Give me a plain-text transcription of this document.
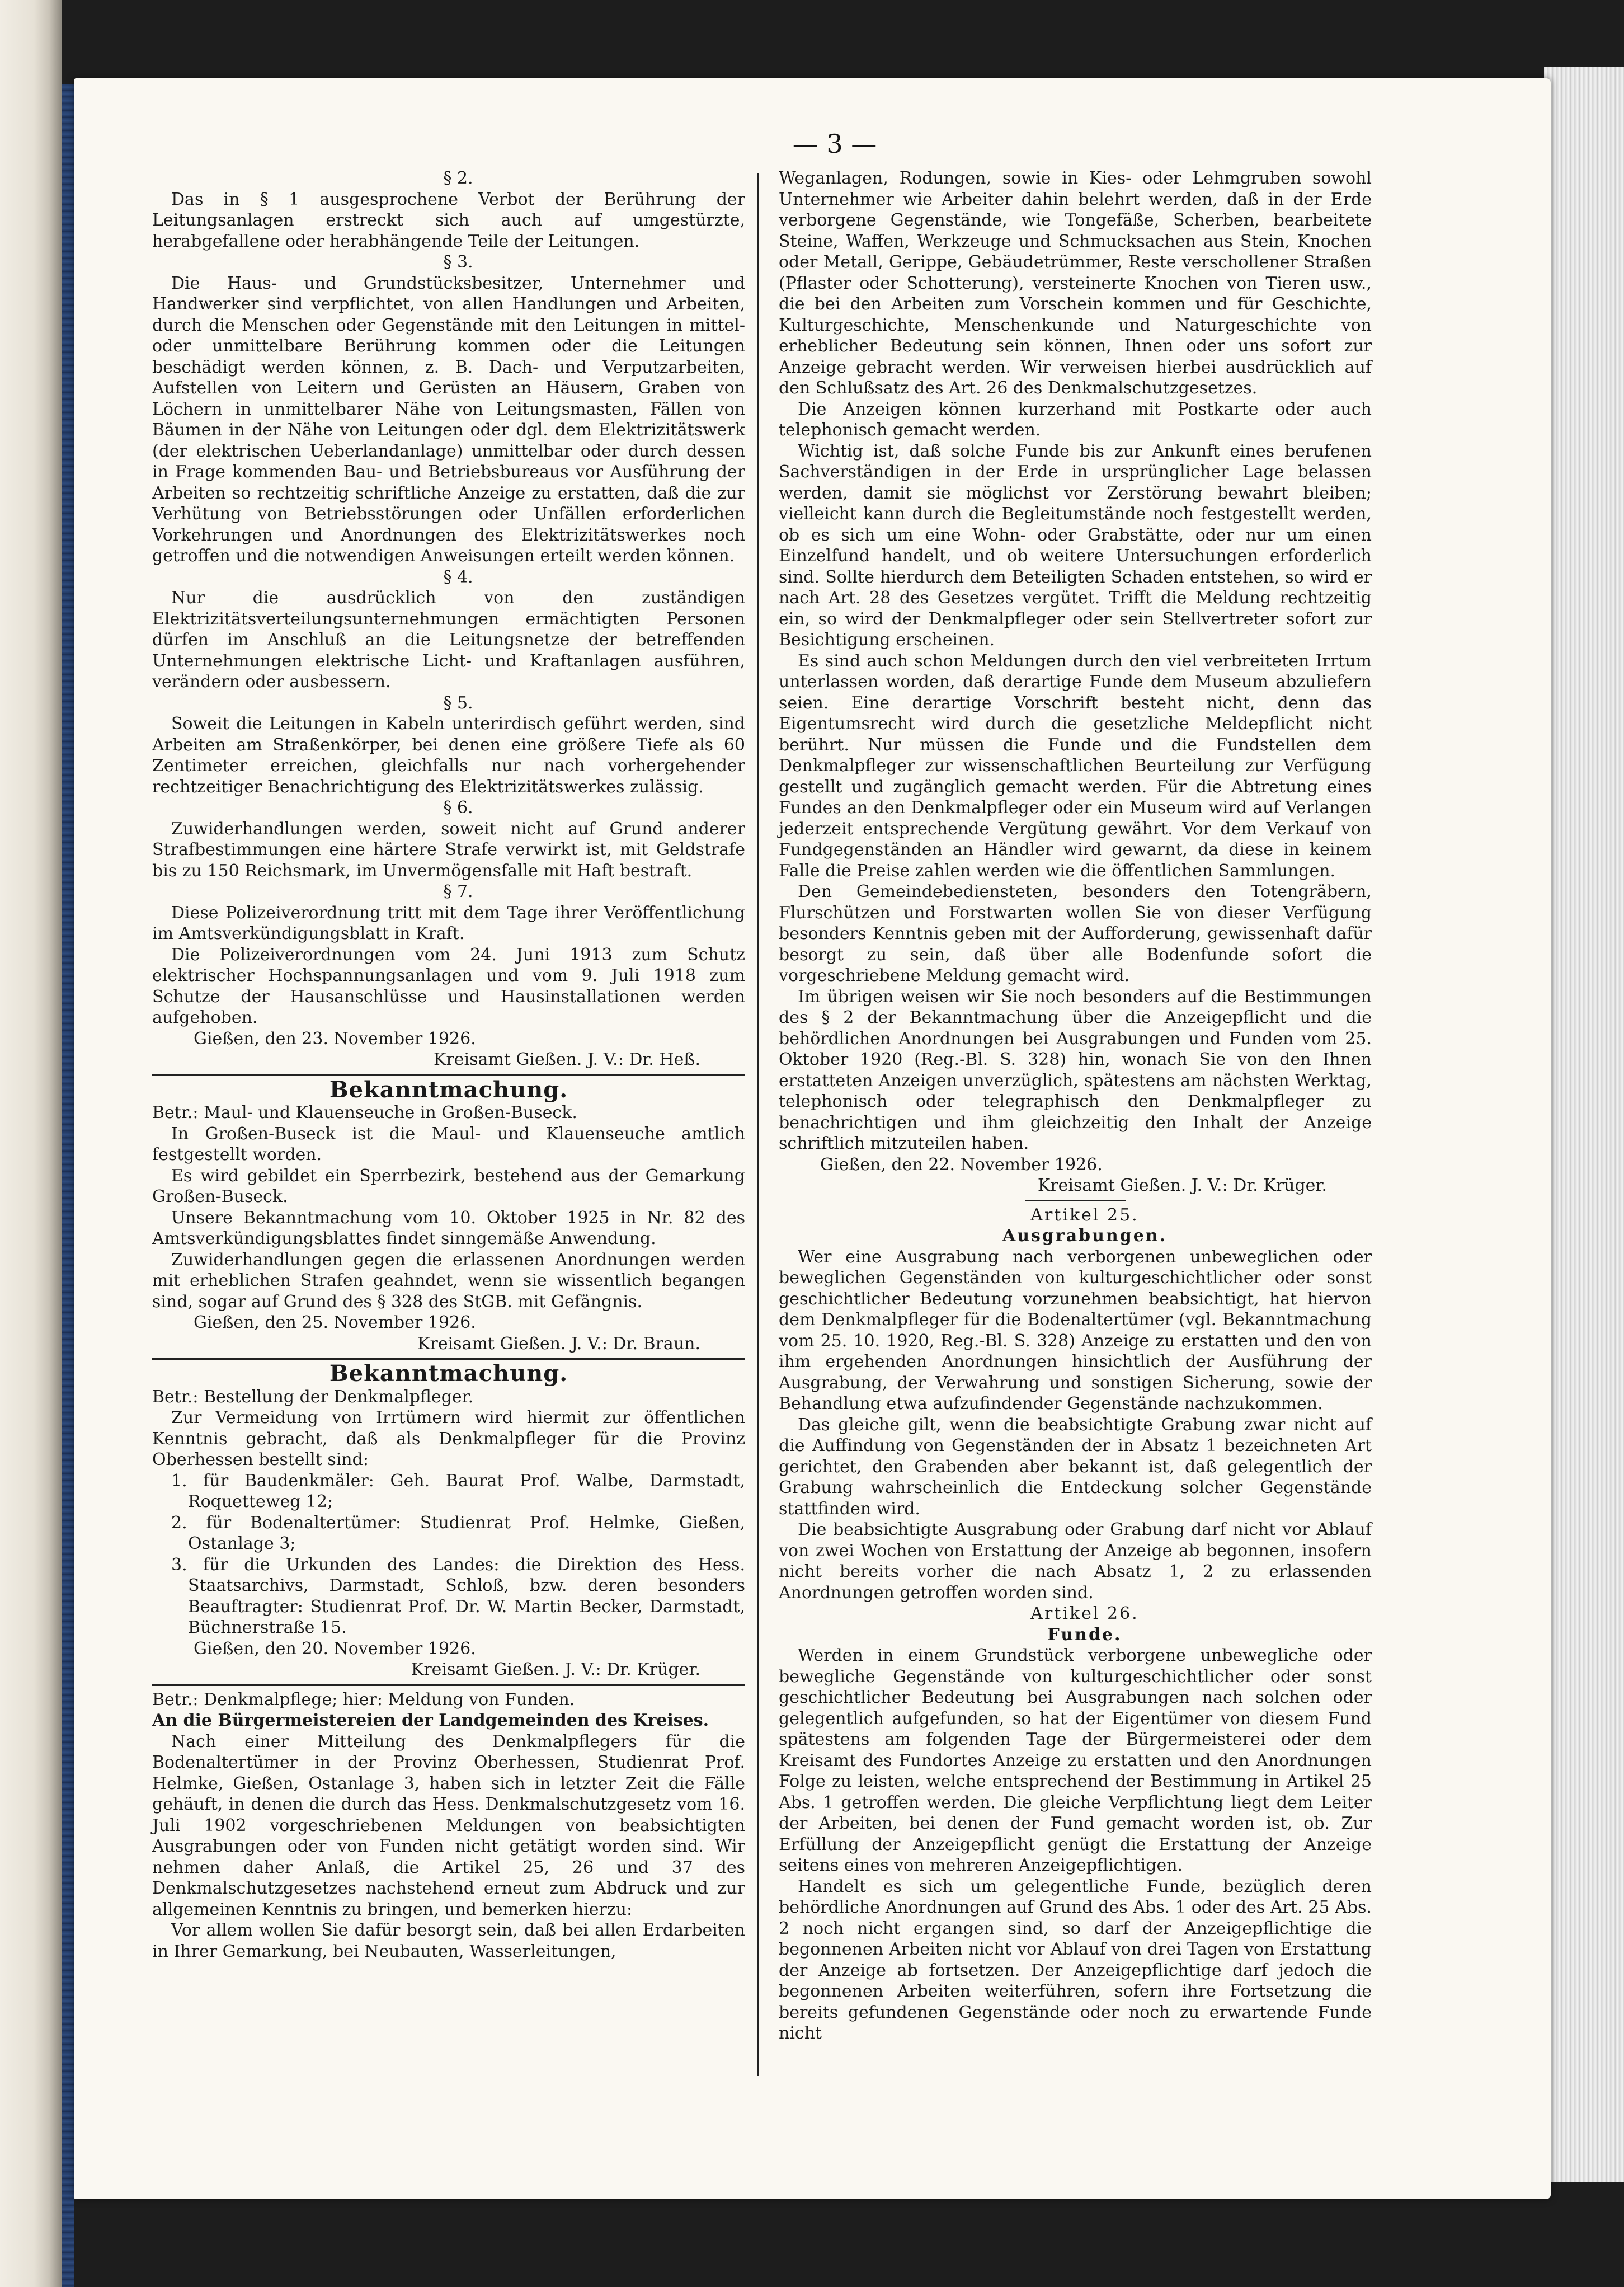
— 3 —

§ 2.

Das in § 1 ausgesprochene Verbot der Berührung der Leitungsanlagen erstreckt sich auch auf umgestürzte, herabgefallene oder herabhängende Teile der Leitungen.

§ 3.

Die Haus- und Grundstücksbesitzer, Unternehmer und Handwerker sind verpflichtet, von allen Handlungen und Arbeiten, durch die Menschen oder Gegenstände mit den Leitungen in mittel- oder unmittelbare Berührung kommen oder die Leitungen beschädigt werden können, z. B. Dach- und Verputzarbeiten, Aufstellen von Leitern und Gerüsten an Häusern, Graben von Löchern in unmittelbarer Nähe von Leitungsmasten, Fällen von Bäumen in der Nähe von Leitungen oder dgl. dem Elektrizitätswerk (der elektrischen Ueberlandanlage) unmittelbar oder durch dessen in Frage kommenden Bau- und Betriebsbureaus vor Ausführung der Arbeiten so rechtzeitig schriftliche Anzeige zu erstatten, daß die zur Verhütung von Betriebsstörungen oder Unfällen erforderlichen Vorkehrungen und Anordnungen des Elektrizitätswerkes noch getroffen und die notwendigen Anweisungen erteilt werden können.

§ 4.

Nur die ausdrücklich von den zuständigen Elektrizitätsverteilungsunternehmungen ermächtigten Personen dürfen im Anschluß an die Leitungsnetze der betreffenden Unternehmungen elektrische Licht- und Kraftanlagen ausführen, verändern oder ausbessern.

§ 5.

Soweit die Leitungen in Kabeln unterirdisch geführt werden, sind Arbeiten am Straßenkörper, bei denen eine größere Tiefe als 60 Zentimeter erreichen, gleichfalls nur nach vorhergehender rechtzeitiger Benachrichtigung des Elektrizitätswerkes zulässig.

§ 6.

Zuwiderhandlungen werden, soweit nicht auf Grund anderer Strafbestimmungen eine härtere Strafe verwirkt ist, mit Geldstrafe bis zu 150 Reichsmark, im Unvermögensfalle mit Haft bestraft.

§ 7.

Diese Polizeiverordnung tritt mit dem Tage ihrer Veröffentlichung im Amtsverkündigungsblatt in Kraft.

Die Polizeiverordnungen vom 24. Juni 1913 zum Schutz elektrischer Hochspannungsanlagen und vom 9. Juli 1918 zum Schutze der Hausanschlüsse und Hausinstallationen werden aufgehoben.

Gießen, den 23. November 1926.

Kreisamt Gießen. J. V.: Dr. Heß.

Bekanntmachung.

Betr.: Maul- und Klauenseuche in Großen-Buseck.

In Großen-Buseck ist die Maul- und Klauenseuche amtlich festgestellt worden.

Es wird gebildet ein Sperrbezirk, bestehend aus der Gemarkung Großen-Buseck.

Unsere Bekanntmachung vom 10. Oktober 1925 in Nr. 82 des Amtsverkündigungsblattes findet sinngemäße Anwendung.

Zuwiderhandlungen gegen die erlassenen Anordnungen werden mit erheblichen Strafen geahndet, wenn sie wissentlich begangen sind, sogar auf Grund des § 328 des StGB. mit Gefängnis.

Gießen, den 25. November 1926.

Kreisamt Gießen. J. V.: Dr. Braun.

Bekanntmachung.

Betr.: Bestellung der Denkmalpfleger.

Zur Vermeidung von Irrtümern wird hiermit zur öffentlichen Kenntnis gebracht, daß als Denkmalpfleger für die Provinz Oberhessen bestellt sind:

1. für Baudenkmäler: Geh. Baurat Prof. Walbe, Darmstadt, Roquetteweg 12;
2. für Bodenaltertümer: Studienrat Prof. Helmke, Gießen, Ostanlage 3;
3. für die Urkunden des Landes: die Direktion des Hess. Staatsarchivs, Darmstadt, Schloß, bzw. deren besonders Beauftragter: Studienrat Prof. Dr. W. Martin Becker, Darmstadt, Büchnerstraße 15.

Gießen, den 20. November 1926.

Kreisamt Gießen. J. V.: Dr. Krüger.

Betr.: Denkmalpflege; hier: Meldung von Funden.

An die Bürgermeistereien der Landgemeinden des Kreises.

Nach einer Mitteilung des Denkmalpflegers für die Bodenaltertümer in der Provinz Oberhessen, Studienrat Prof. Helmke, Gießen, Ostanlage 3, haben sich in letzter Zeit die Fälle gehäuft, in denen die durch das Hess. Denkmalschutzgesetz vom 16. Juli 1902 vorgeschriebenen Meldungen von beabsichtigten Ausgrabungen oder von Funden nicht getätigt worden sind. Wir nehmen daher Anlaß, die Artikel 25, 26 und 37 des Denkmalschutzgesetzes nachstehend erneut zum Abdruck und zur allgemeinen Kenntnis zu bringen, und bemerken hierzu:

Vor allem wollen Sie dafür besorgt sein, daß bei allen Erdarbeiten in Ihrer Gemarkung, bei Neubauten, Wasserleitungen,

Weganlagen, Rodungen, sowie in Kies- oder Lehmgruben sowohl Unternehmer wie Arbeiter dahin belehrt werden, daß in der Erde verborgene Gegenstände, wie Tongefäße, Scherben, bearbeitete Steine, Waffen, Werkzeuge und Schmucksachen aus Stein, Knochen oder Metall, Gerippe, Gebäudetrümmer, Reste verschollener Straßen (Pflaster oder Schotterung), versteinerte Knochen von Tieren usw., die bei den Arbeiten zum Vorschein kommen und für Geschichte, Kulturgeschichte, Menschenkunde und Naturgeschichte von erheblicher Bedeutung sein können, Ihnen oder uns sofort zur Anzeige gebracht werden. Wir verweisen hierbei ausdrücklich auf den Schlußsatz des Art. 26 des Denkmalschutzgesetzes.

Die Anzeigen können kurzerhand mit Postkarte oder auch telephonisch gemacht werden.

Wichtig ist, daß solche Funde bis zur Ankunft eines berufenen Sachverständigen in der Erde in ursprünglicher Lage belassen werden, damit sie möglichst vor Zerstörung bewahrt bleiben; vielleicht kann durch die Begleitumstände noch festgestellt werden, ob es sich um eine Wohn- oder Grabstätte, oder nur um einen Einzelfund handelt, und ob weitere Untersuchungen erforderlich sind. Sollte hierdurch dem Beteiligten Schaden entstehen, so wird er nach Art. 28 des Gesetzes vergütet. Trifft die Meldung rechtzeitig ein, so wird der Denkmalpfleger oder sein Stellvertreter sofort zur Besichtigung erscheinen.

Es sind auch schon Meldungen durch den viel verbreiteten Irrtum unterlassen worden, daß derartige Funde dem Museum abzuliefern seien. Eine derartige Vorschrift besteht nicht, denn das Eigentumsrecht wird durch die gesetzliche Meldepflicht nicht berührt. Nur müssen die Funde und die Fundstellen dem Denkmalpfleger zur wissenschaftlichen Beurteilung zur Verfügung gestellt und zugänglich gemacht werden. Für die Abtretung eines Fundes an den Denkmalpfleger oder ein Museum wird auf Verlangen jederzeit entsprechende Vergütung gewährt. Vor dem Verkauf von Fundgegenständen an Händler wird gewarnt, da diese in keinem Falle die Preise zahlen werden wie die öffentlichen Sammlungen.

Den Gemeindebediensteten, besonders den Totengräbern, Flurschützen und Forstwarten wollen Sie von dieser Verfügung besonders Kenntnis geben mit der Aufforderung, gewissenhaft dafür besorgt zu sein, daß über alle Bodenfunde sofort die vorgeschriebene Meldung gemacht wird.

Im übrigen weisen wir Sie noch besonders auf die Bestimmungen des § 2 der Bekanntmachung über die Anzeigepflicht und die behördlichen Anordnungen bei Ausgrabungen und Funden vom 25. Oktober 1920 (Reg.-Bl. S. 328) hin, wonach Sie von den Ihnen erstatteten Anzeigen unverzüglich, spätestens am nächsten Werktag, telephonisch oder telegraphisch den Denkmalpfleger zu benachrichtigen und ihm gleichzeitig den Inhalt der Anzeige schriftlich mitzuteilen haben.

Gießen, den 22. November 1926.

Kreisamt Gießen. J. V.: Dr. Krüger.

Artikel 25.

Ausgrabungen.

Wer eine Ausgrabung nach verborgenen unbeweglichen oder beweglichen Gegenständen von kulturgeschichtlicher oder sonst geschichtlicher Bedeutung vorzunehmen beabsichtigt, hat hiervon dem Denkmalpfleger für die Bodenaltertümer (vgl. Bekanntmachung vom 25. 10. 1920, Reg.-Bl. S. 328) Anzeige zu erstatten und den von ihm ergehenden Anordnungen hinsichtlich der Ausführung der Ausgrabung, der Verwahrung und sonstigen Sicherung, sowie der Behandlung etwa aufzufindender Gegenstände nachzukommen.

Das gleiche gilt, wenn die beabsichtigte Grabung zwar nicht auf die Auffindung von Gegenständen der in Absatz 1 bezeichneten Art gerichtet, den Grabenden aber bekannt ist, daß gelegentlich der Grabung wahrscheinlich die Entdeckung solcher Gegenstände stattfinden wird.

Die beabsichtigte Ausgrabung oder Grabung darf nicht vor Ablauf von zwei Wochen von Erstattung der Anzeige ab begonnen, insofern nicht bereits vorher die nach Absatz 1, 2 zu erlassenden Anordnungen getroffen worden sind.

Artikel 26.

Funde.

Werden in einem Grundstück verborgene unbewegliche oder bewegliche Gegenstände von kulturgeschichtlicher oder sonst geschichtlicher Bedeutung bei Ausgrabungen nach solchen oder gelegentlich aufgefunden, so hat der Eigentümer von diesem Fund spätestens am folgenden Tage der Bürgermeisterei oder dem Kreisamt des Fundortes Anzeige zu erstatten und den Anordnungen Folge zu leisten, welche entsprechend der Bestimmung in Artikel 25 Abs. 1 getroffen werden. Die gleiche Verpflichtung liegt dem Leiter der Arbeiten, bei denen der Fund gemacht worden ist, ob. Zur Erfüllung der Anzeigepflicht genügt die Erstattung der Anzeige seitens eines von mehreren Anzeigepflichtigen.

Handelt es sich um gelegentliche Funde, bezüglich deren behördliche Anordnungen auf Grund des Abs. 1 oder des Art. 25 Abs. 2 noch nicht ergangen sind, so darf der Anzeigepflichtige die begonnenen Arbeiten nicht vor Ablauf von drei Tagen von Erstattung der Anzeige ab fortsetzen. Der Anzeigepflichtige darf jedoch die begonnenen Arbeiten weiterführen, sofern ihre Fortsetzung die bereits gefundenen Gegenstände oder noch zu erwartende Funde nicht
